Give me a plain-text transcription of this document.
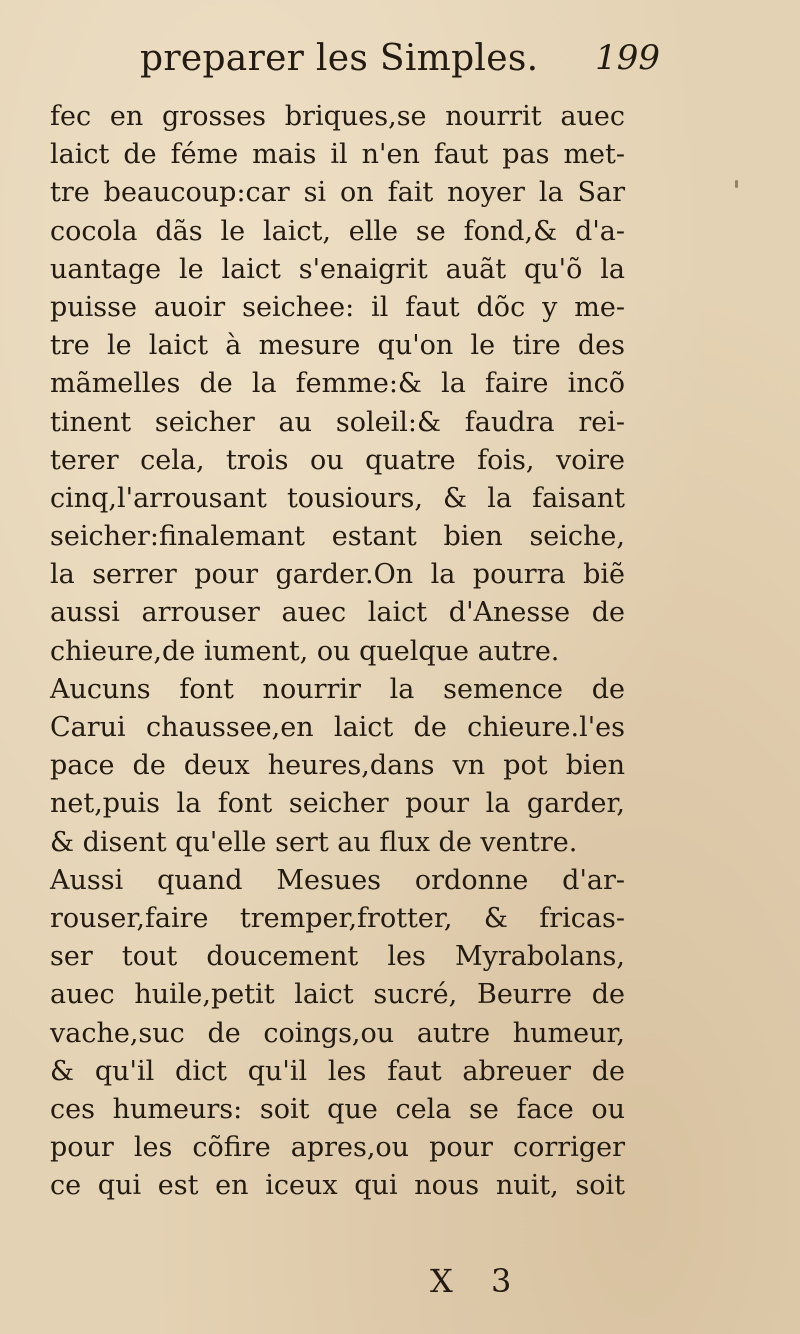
preparer les Simples. 199
fec en grosses briques,se nourrit auec
laict de féme mais il n'en faut pas met-
tre beaucoup:car si on fait noyer la Sar
cocola dãs le laict, elle se fond,& d'a-
uantage le laict s'enaigrit auãt qu'õ la
puisse auoir seichee: il faut dõc y me-
tre le laict à mesure qu'on le tire des
mãmelles de la femme:& la faire incõ
tinent seicher au soleil:& faudra rei-
terer cela, trois ou quatre fois, voire
cinq,l'arrousant tousiours, & la faisant
seicher:finalemant estant bien seiche,
la serrer pour garder.On la pourra biẽ
aussi arrouser auec laict d'Anesse de
chieure,de iument, ou quelque autre.
Aucuns font nourrir la semence de
Carui chaussee,en laict de chieure.l'es
pace de deux heures,dans vn pot bien
net,puis la font seicher pour la garder,
& disent qu'elle sert au flux de ventre.
Aussi quand Mesues ordonne d'ar-
rouser,faire tremper,frotter, & fricas-
ser tout doucement les Myrabolans,
auec huile,petit laict sucré, Beurre de
vache,suc de coings,ou autre humeur,
& qu'il dict qu'il les faut abreuer de
ces humeurs: soit que cela se face ou
pour les cõfire apres,ou pour corriger
ce qui est en iceux qui nous nuit, soit
X 3
